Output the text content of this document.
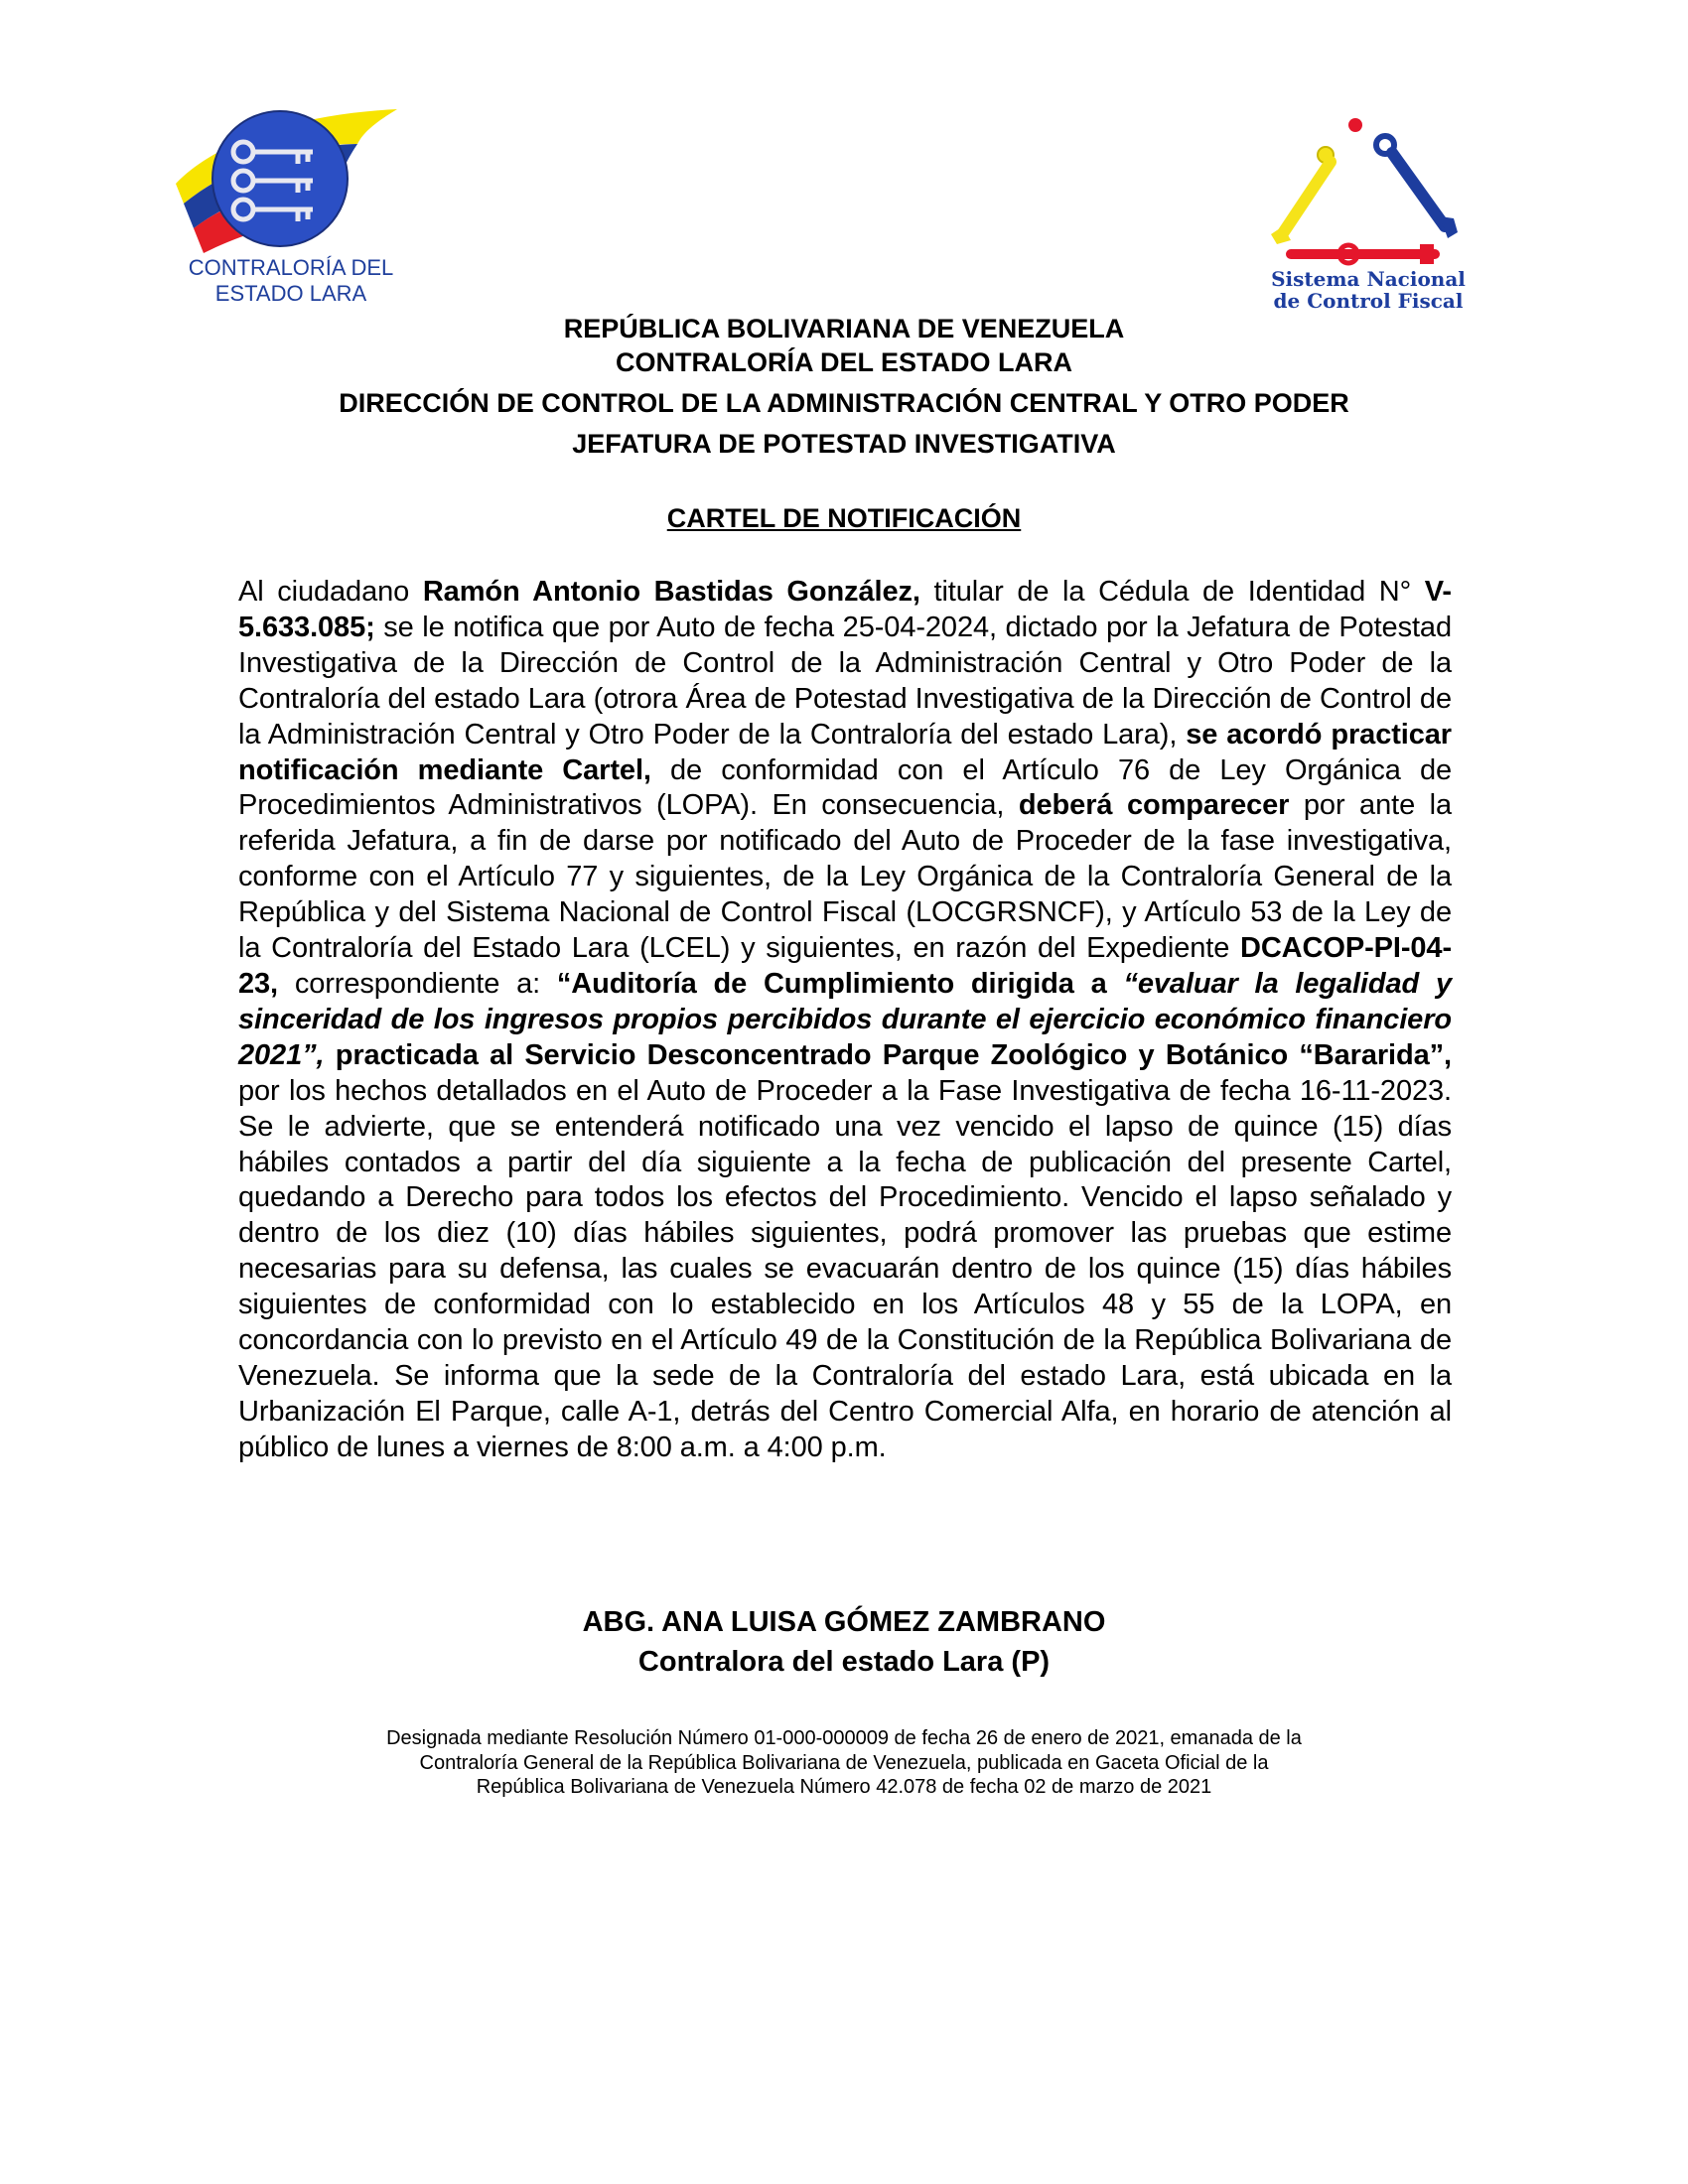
CONTRALORÍA DEL
ESTADO LARA
Sistema Nacional
de Control Fiscal
REPÚBLICA BOLIVARIANA DE VENEZUELA
CONTRALORÍA DEL ESTADO LARA
DIRECCIÓN DE CONTROL DE LA ADMINISTRACIÓN CENTRAL Y OTRO PODER
JEFATURA DE POTESTAD INVESTIGATIVA
CARTEL DE NOTIFICACIÓN
Al ciudadano Ramón Antonio Bastidas González, titular de la Cédula de Identidad N° V-5.633.085; se le notifica que por Auto de fecha 25-04-2024, dictado por la Jefatura de Potestad Investigativa de la Dirección de Control de la Administración Central y Otro Poder de la Contraloría del estado Lara (otrora Área de Potestad Investigativa de la Dirección de Control de la Administración Central y Otro Poder de la Contraloría del estado Lara), se acordó practicar notificación mediante Cartel, de conformidad con el Artículo 76 de Ley Orgánica de Procedimientos Administrativos (LOPA). En consecuencia, deberá comparecer por ante la referida Jefatura, a fin de darse por notificado del Auto de Proceder de la fase investigativa, conforme con el Artículo 77 y siguientes, de la Ley Orgánica de la Contraloría General de la República y del Sistema Nacional de Control Fiscal (LOCGRSNCF), y Artículo 53 de la Ley de la Contraloría del Estado Lara (LCEL) y siguientes, en razón del Expediente DCACOP-PI-04-23, correspondiente a: “Auditoría de Cumplimiento dirigida a “evaluar la legalidad y sinceridad de los ingresos propios percibidos durante el ejercicio económico financiero 2021”, practicada al Servicio Desconcentrado Parque Zoológico y Botánico “Bararida”, por los hechos detallados en el Auto de Proceder a la Fase Investigativa de fecha 16-11-2023. Se le advierte, que se entenderá notificado una vez vencido el lapso de quince (15) días hábiles contados a partir del día siguiente a la fecha de publicación del presente Cartel, quedando a Derecho para todos los efectos del Procedimiento. Vencido el lapso señalado y dentro de los diez (10) días hábiles siguientes, podrá promover las pruebas que estime necesarias para su defensa, las cuales se evacuarán dentro de los quince (15) días hábiles siguientes de conformidad con lo establecido en los Artículos 48 y 55 de la LOPA, en concordancia con lo previsto en el Artículo 49 de la Constitución de la República Bolivariana de Venezuela. Se informa que la sede de la Contraloría del estado Lara, está ubicada en la Urbanización El Parque, calle A-1, detrás del Centro Comercial Alfa, en horario de atención al público de lunes a viernes de 8:00 a.m. a 4:00 p.m.
ABG. ANA LUISA GÓMEZ ZAMBRANO
Contralora del estado Lara (P)
Designada mediante Resolución Número 01-000-000009 de fecha 26 de enero de 2021, emanada de la
Contraloría General de la República Bolivariana de Venezuela, publicada en Gaceta Oficial de la
República Bolivariana de Venezuela Número 42.078 de fecha 02 de marzo de 2021
